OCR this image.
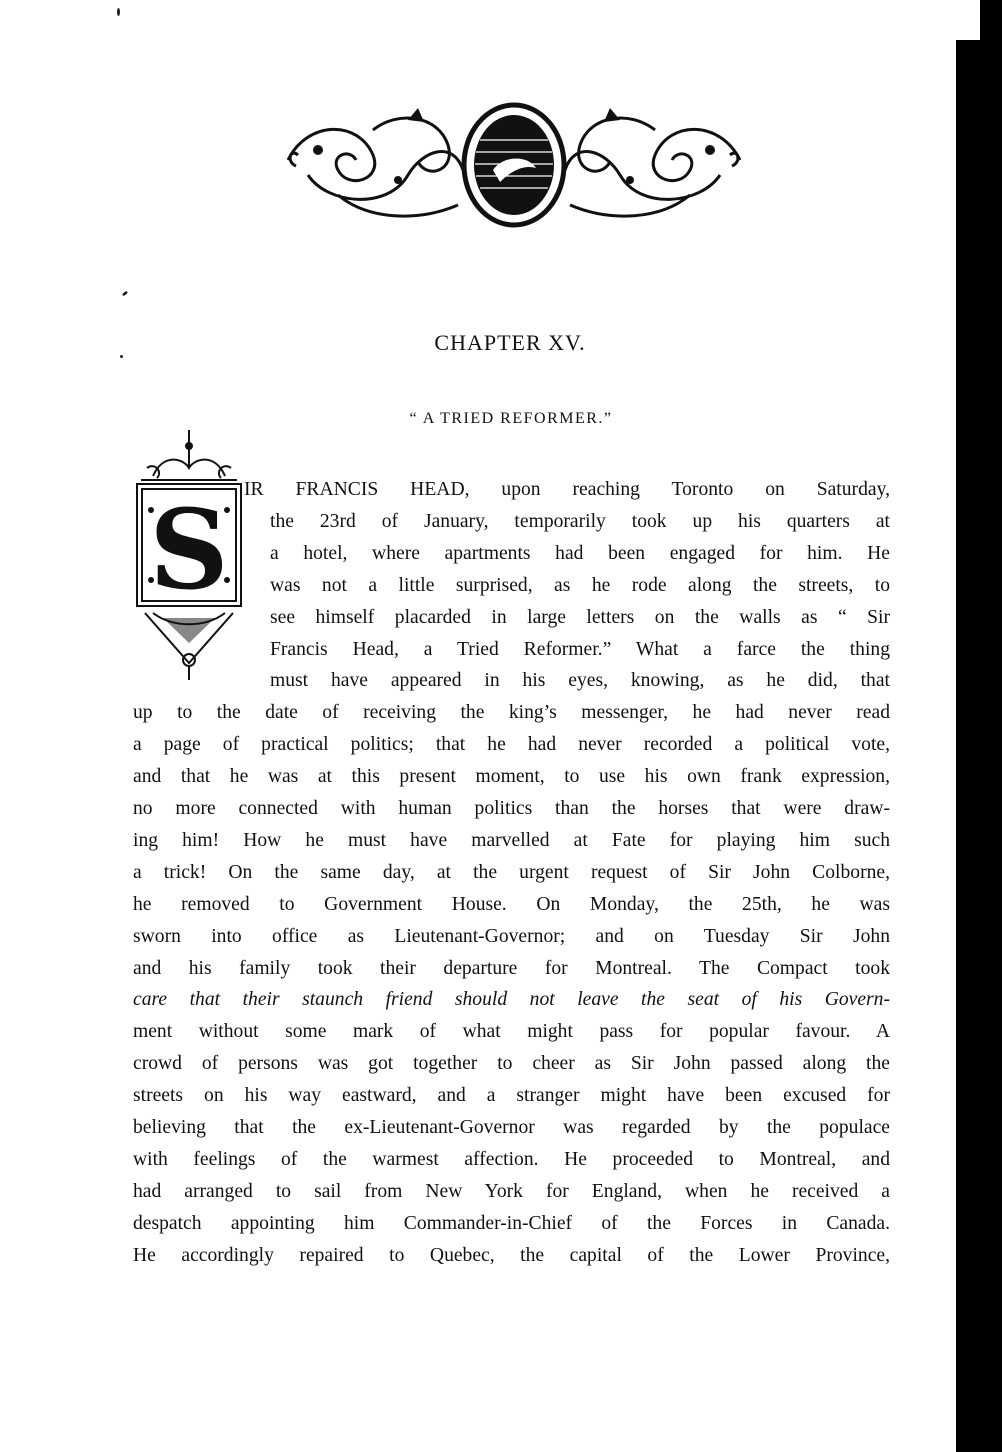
CHAPTER XV.
“ A TRIED REFORMER.”
S IR FRANCIS HEAD, upon reaching Toronto on Saturday,
the 23rd of January, temporarily took up his quarters at
a hotel, where apartments had been engaged for him. He
was not a little surprised, as he rode along the streets, to
see himself placarded in large letters on the walls as “ Sir
Francis Head, a Tried Reformer.” What a farce the thing
must have appeared in his eyes, knowing, as he did, that
up to the date of receiving the king’s messenger, he had never read
a page of practical politics; that he had never recorded a political vote,
and that he was at this present moment, to use his own frank expression,
no more connected with human politics than the horses that were draw-
ing him! How he must have marvelled at Fate for playing him such
a trick! On the same day, at the urgent request of Sir John Colborne,
he removed to Government House. On Monday, the 25th, he was
sworn into office as Lieutenant-Governor; and on Tuesday Sir John
and his family took their departure for Montreal. The Compact took
care that their staunch friend should not leave the seat of his Govern-
ment without some mark of what might pass for popular favour. A
crowd of persons was got together to cheer as Sir John passed along the
streets on his way eastward, and a stranger might have been excused for
believing that the ex-Lieutenant-Governor was regarded by the populace
with feelings of the warmest affection. He proceeded to Montreal, and
had arranged to sail from New York for England, when he received a
despatch appointing him Commander-in-Chief of the Forces in Canada.
He accordingly repaired to Quebec, the capital of the Lower Province,
